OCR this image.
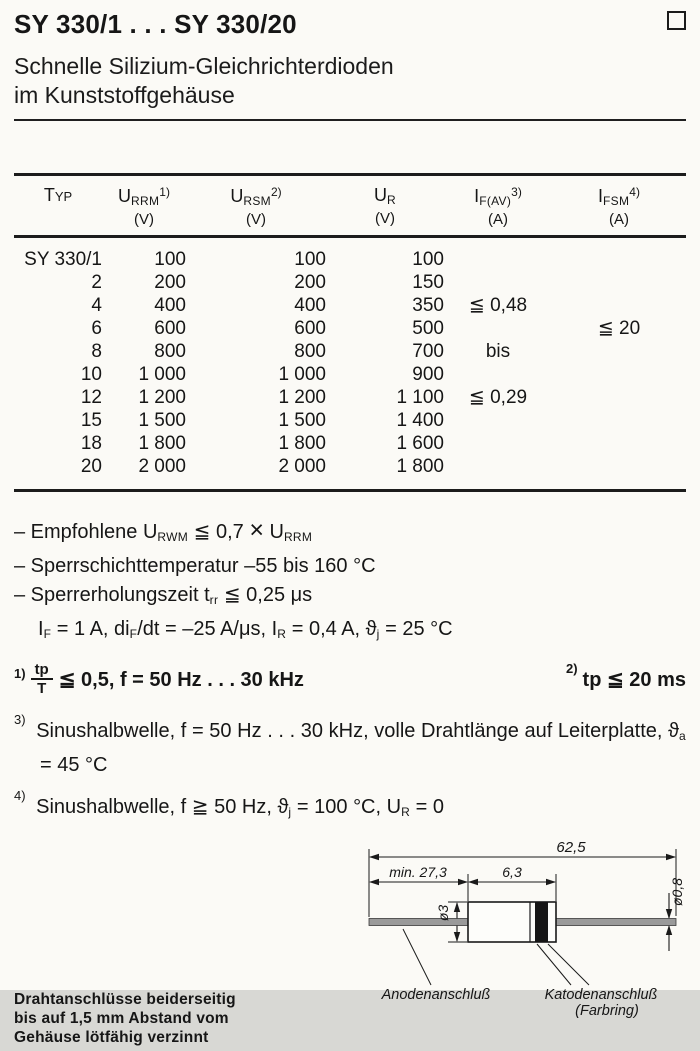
SY 330/1 . . . SY 330/20
Schnelle Silizium-Gleichrichterdioden
im Kunststoffgehäuse
Typ	$U_{RRM}^{1)}$
(V)

$U_{RSM}^{2)}$
(V)

$U_R$
(V)

$I_{F(AV)}^{3)}$
(A)

$I_{FSM}^{4)}$
(A)

SY 330/1	100	100	100		
2	200	200	150		
4	400	400	350	≦ 0,48	
6	600	600	500		≦ 20
8	800	800	700	bis	
10	1 000	1 000	900		
12	1 200	1 200	1 100	≦ 0,29	
15	1 500	1 500	1 400		
18	1 800	1 800	1 600		
20	2 000	2 000	1 800		
– Empfohlene $U_{RWM}$ ≦ $0,7 \times U_{RRM}$
– Sperrschichttemperatur –55 bis 160 °C
– Sperrerholungszeit $t_{rr}$ ≦ 0,25 μs
$I_F = 1$ A, $di_F/dt = -25$ A/μs, $I_R = 0,4$ A, $ϑ_j = 25$ °C
$1) \frac{tp}{T}$ ≦ 0,5, f = 50 Hz . . . 30 kHz
$^{2)}$tp ≦ 20 ms
$^{3)}$ Sinushalbwelle, f = 50 Hz . . . 30 kHz, volle Drahtlänge auf Leiterplatte, $ϑ_a = 45$ °C
$^{4)}$ Sinushalbwelle, f ≧ 50 Hz, $ϑ_j = 100$ °C, $U_R = 0$
Drahtanschlüsse beiderseitig
bis auf 1,5 mm Abstand vom
Gehäuse lötfähig verzinnt
62,5
min. 27,3	6,3
ø3
ø0,8
Anodenanschluß	Katodenanschluß
(Farbring)
